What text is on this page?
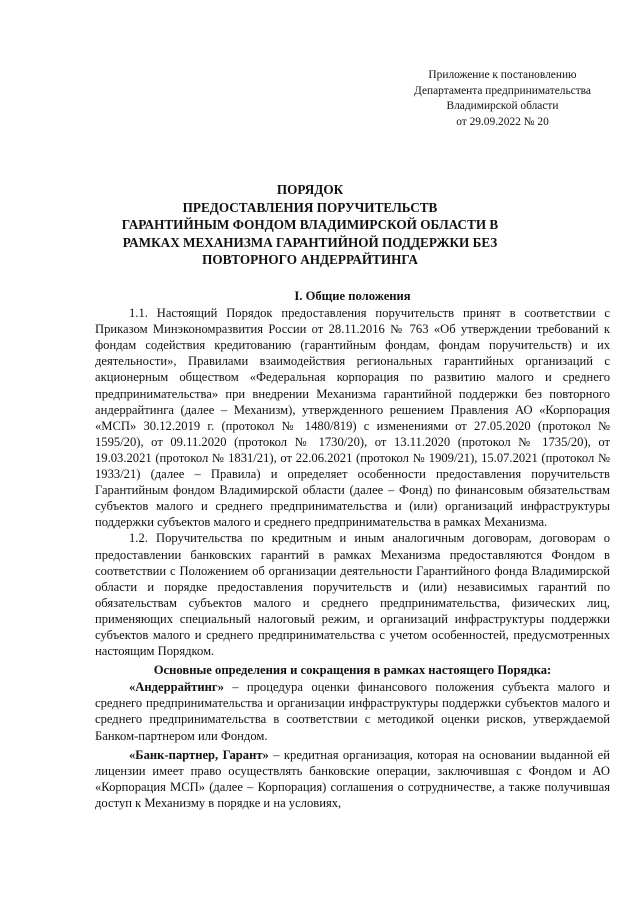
Приложение к постановлению
Департамента предпринимательства
Владимирской области
от 29.09.2022 № 20
ПОРЯДОК
ПРЕДОСТАВЛЕНИЯ ПОРУЧИТЕЛЬСТВ
ГАРАНТИЙНЫМ ФОНДОМ ВЛАДИМИРСКОЙ ОБЛАСТИ В
РАМКАХ МЕХАНИЗМА ГАРАНТИЙНОЙ ПОДДЕРЖКИ БЕЗ
ПОВТОРНОГО АНДЕРРАЙТИНГА
I. Общие положения

1.1. Настоящий Порядок предоставления поручительств принят в соответствии с Приказом Минэкономразвития России от 28.11.2016 № 763 «Об утверждении требований к фондам содействия кредитованию (гарантийным фондам, фондам поручительств) и их деятельности», Правилами взаимодействия региональных гарантийных организаций с акционерным обществом «Федеральная корпорация по развитию малого и среднего предпринимательства» при внедрении Механизма гарантийной поддержки без повторного андеррайтинга (далее – Механизм), утвержденного решением Правления АО «Корпорация «МСП» 30.12.2019 г. (протокол № 1480/819) с изменениями от 27.05.2020 (протокол № 1595/20), от 09.11.2020 (протокол № 1730/20), от 13.11.2020 (протокол № 1735/20), от 19.03.2021 (протокол № 1831/21), от 22.06.2021 (протокол № 1909/21), 15.07.2021 (протокол № 1933/21) (далее – Правила) и определяет особенности предоставления поручительств Гарантийным фондом Владимирской области (далее – Фонд) по финансовым обязательствам субъектов малого и среднего предпринимательства и (или) организаций инфраструктуры поддержки субъектов малого и среднего предпринимательства в рамках Механизма.

1.2. Поручительства по кредитным и иным аналогичным договорам, договорам о предоставлении банковских гарантий в рамках Механизма предоставляются Фондом в соответствии с Положением об организации деятельности Гарантийного фонда Владимирской области и порядке предоставления поручительств и (или) независимых гарантий по обязательствам субъектов малого и среднего предпринимательства, физических лиц, применяющих специальный налоговый режим, и организаций инфраструктуры поддержки субъектов малого и среднего предпринимательства с учетом особенностей, предусмотренных настоящим Порядком.

Основные определения и сокращения в рамках настоящего Порядка:

«Андеррайтинг» – процедура оценки финансового положения субъекта малого и среднего предпринимательства и организации инфраструктуры поддержки субъектов малого и среднего предпринимательства в соответствии с методикой оценки рисков, утверждаемой Банком-партнером или Фондом.

«Банк-партнер, Гарант» – кредитная организация, которая на основании выданной ей лицензии имеет право осуществлять банковские операции, заключившая с Фондом и АО «Корпорация МСП» (далее – Корпорация) соглашения о сотрудничестве, а также получившая доступ к Механизму в порядке и на условиях,
